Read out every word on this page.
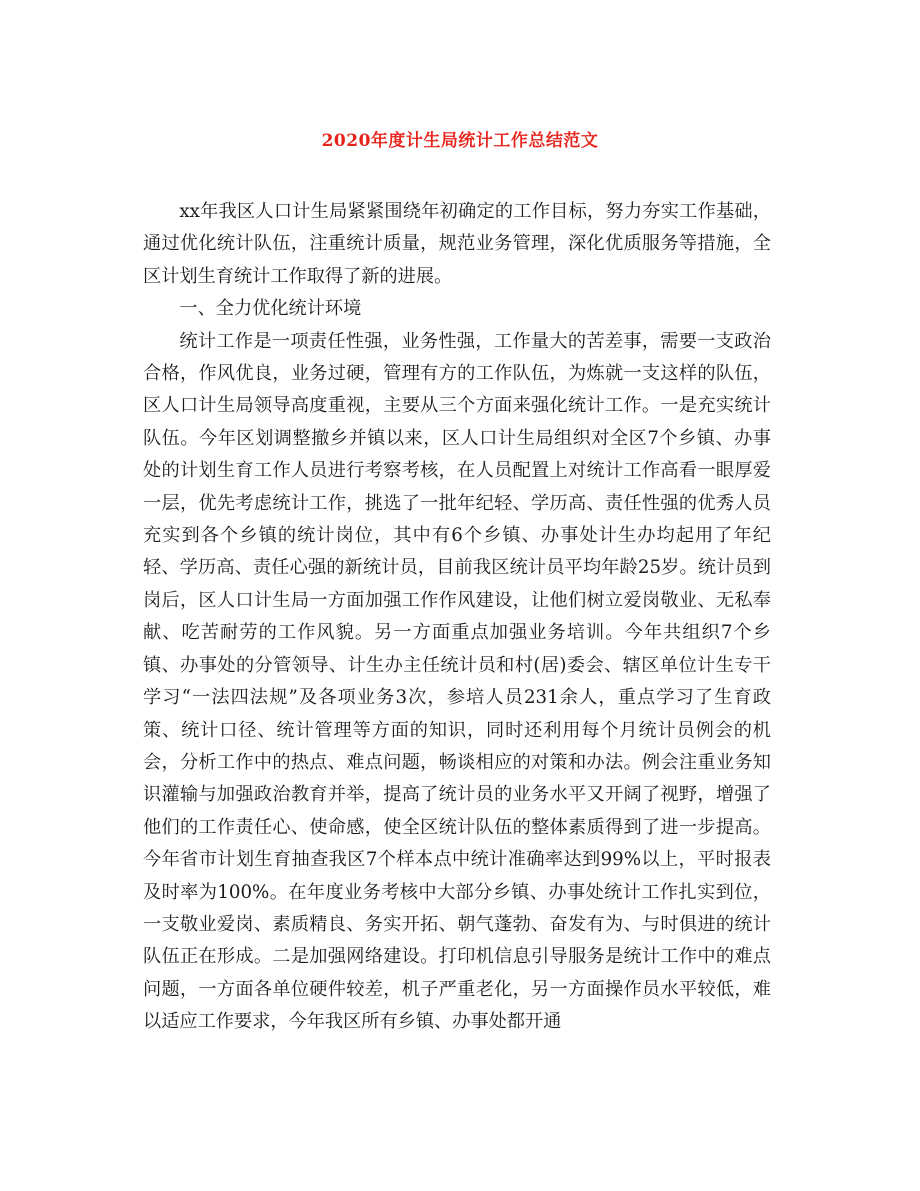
2020年度计生局统计工作总结范文

xx年我区人口计生局紧紧围绕年初确定的工作目标，努力夯实工作基础，通过优化统计队伍，注重统计质量，规范业务管理，深化优质服务等措施，全区计划生育统计工作取得了新的进展。

一、全力优化统计环境

统计工作是一项责任性强，业务性强，工作量大的苦差事，需要一支政治合格，作风优良，业务过硬，管理有方的工作队伍，为炼就一支这样的队伍，区人口计生局领导高度重视，主要从三个方面来强化统计工作。一是充实统计队伍。今年区划调整撤乡并镇以来，区人口计生局组织对全区7个乡镇、办事处的计划生育工作人员进行考察考核，在人员配置上对统计工作高看一眼厚爱一层，优先考虑统计工作，挑选了一批年纪轻、学历高、责任性强的优秀人员充实到各个乡镇的统计岗位，其中有6个乡镇、办事处计生办均起用了年纪轻、学历高、责任心强的新统计员，目前我区统计员平均年龄25岁。统计员到岗后，区人口计生局一方面加强工作作风建设，让他们树立爱岗敬业、无私奉献、吃苦耐劳的工作风貌。另一方面重点加强业务培训。今年共组织7个乡镇、办事处的分管领导、计生办主任统计员和村(居)委会、辖区单位计生专干学习“一法四法规”及各项业务3次，参培人员231余人，重点学习了生育政策、统计口径、统计管理等方面的知识，同时还利用每个月统计员例会的机会，分析工作中的热点、难点问题，畅谈相应的对策和办法。例会注重业务知识灌输与加强政治教育并举，提高了统计员的业务水平又开阔了视野，增强了他们的工作责任心、使命感，使全区统计队伍的整体素质得到了进一步提高。今年省市计划生育抽查我区7个样本点中统计准确率达到99%以上，平时报表及时率为100%。在年度业务考核中大部分乡镇、办事处统计工作扎实到位，一支敬业爱岗、素质精良、务实开拓、朝气蓬勃、奋发有为、与时俱进的统计队伍正在形成。二是加强网络建设。打印机信息引导服务是统计工作中的难点问题，一方面各单位硬件较差，机子严重老化，另一方面操作员水平较低，难以适应工作要求，今年我区所有乡镇、办事处都开通
